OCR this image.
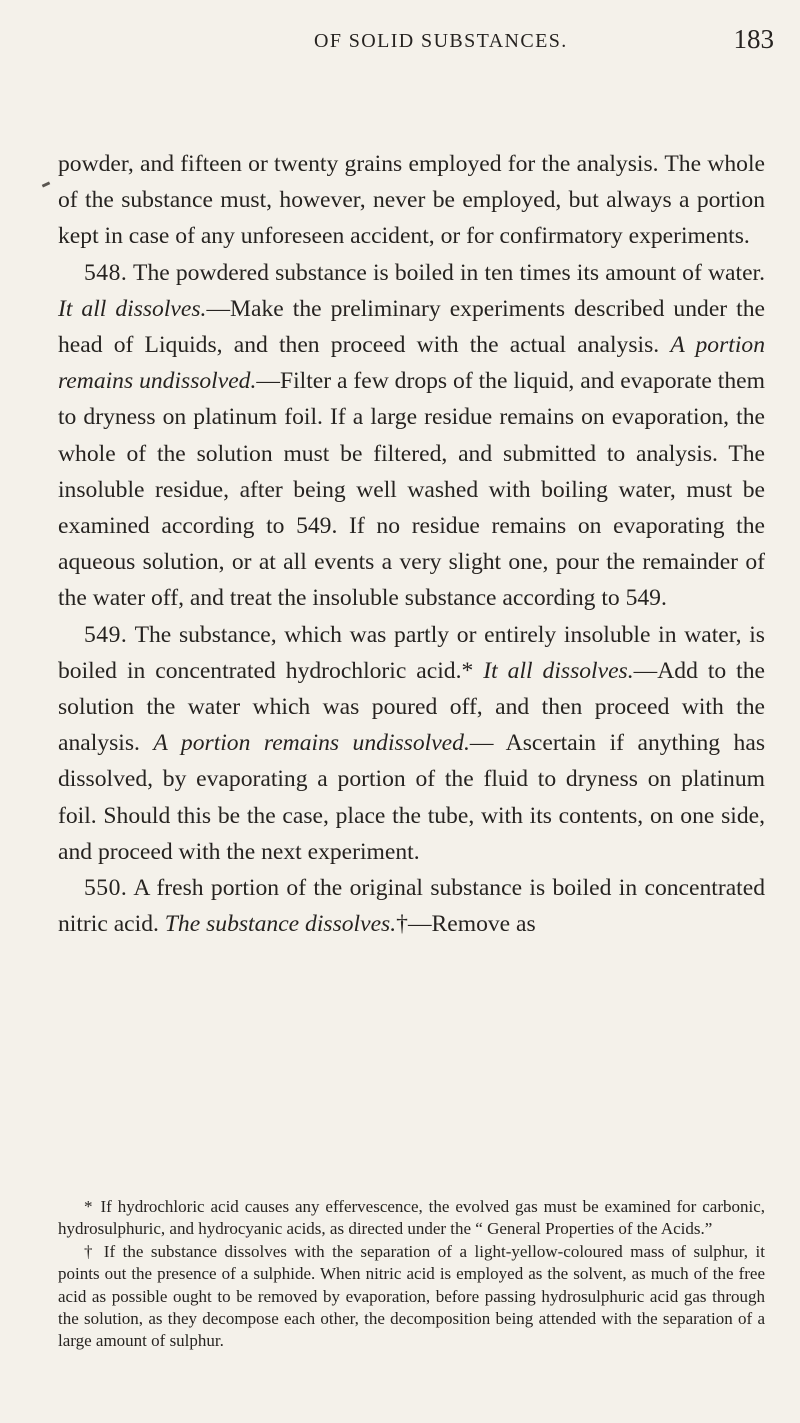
OF SOLID SUBSTANCES.	183

powder, and fifteen or twenty grains employed for the analysis. The whole of the substance must, however, never be employed, but always a portion kept in case of any unforeseen accident, or for confirmatory experiments.

548. The powdered substance is boiled in ten times its amount of water. It all dissolves.—Make the preliminary experiments described under the head of Liquids, and then proceed with the actual analysis. A portion remains undissolved.—Filter a few drops of the liquid, and evaporate them to dryness on platinum foil. If a large residue remains on evaporation, the whole of the solution must be filtered, and submitted to analysis. The insoluble residue, after being well washed with boiling water, must be examined according to 549. If no residue remains on evaporating the aqueous solution, or at all events a very slight one, pour the remainder of the water off, and treat the insoluble substance according to 549.

549. The substance, which was partly or entirely insoluble in water, is boiled in concentrated hydrochloric acid.* It all dissolves.—Add to the solution the water which was poured off, and then proceed with the analysis. A portion remains undissolved.— Ascertain if anything has dissolved, by evaporating a portion of the fluid to dryness on platinum foil. Should this be the case, place the tube, with its contents, on one side, and proceed with the next experiment.

550. A fresh portion of the original substance is boiled in concentrated nitric acid. The substance dissolves.†—Remove as

* If hydrochloric acid causes any effervescence, the evolved gas must be examined for carbonic, hydrosulphuric, and hydrocyanic acids, as directed under the “ General Properties of the Acids.”

† If the substance dissolves with the separation of a light-yellow-coloured mass of sulphur, it points out the presence of a sulphide. When nitric acid is employed as the solvent, as much of the free acid as possible ought to be removed by evaporation, before passing hydrosulphuric acid gas through the solution, as they decompose each other, the decomposition being attended with the separation of a large amount of sulphur.
